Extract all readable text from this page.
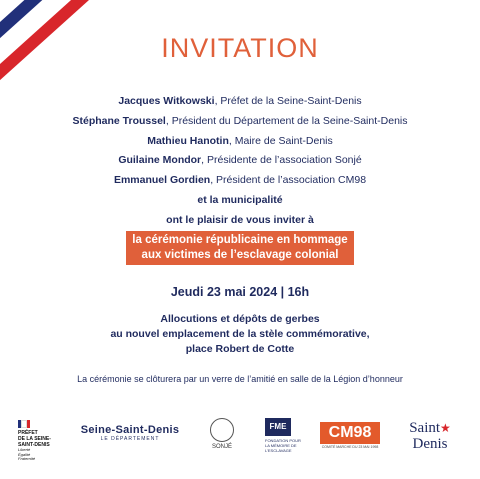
INVITATION
Jacques Witkowski, Préfet de la Seine-Saint-Denis
Stéphane Troussel, Président du Département de la Seine-Saint-Denis
Mathieu Hanotin, Maire de Saint-Denis
Guilaine Mondor, Présidente de l’association Sonjé
Emmanuel Gordien, Président de l’association CM98
et la municipalité
ont le plaisir de vous inviter à
la cérémonie républicaine en hommage
aux victimes de l’esclavage colonial
Jeudi 23 mai 2024 | 16h
Allocutions et dépôts de gerbes
au nouvel emplacement de la stèle commémorative,
place Robert de Cotte
La cérémonie se clôturera par un verre de l’amitié en salle de la Légion d’honneur
PRÉFET
DE LA SEINE-
SAINT-DENIS
Liberté
Égalité
Fraternité
Seine-Saint-Denis
LE DÉPARTEMENT
SONJÉ
FME
FONDATION POUR
LA MÉMOIRE DE
L’ESCLAVAGE
CM98
COMITÉ MARCHE DU 23 MAI 1998
Saint★
Denis
